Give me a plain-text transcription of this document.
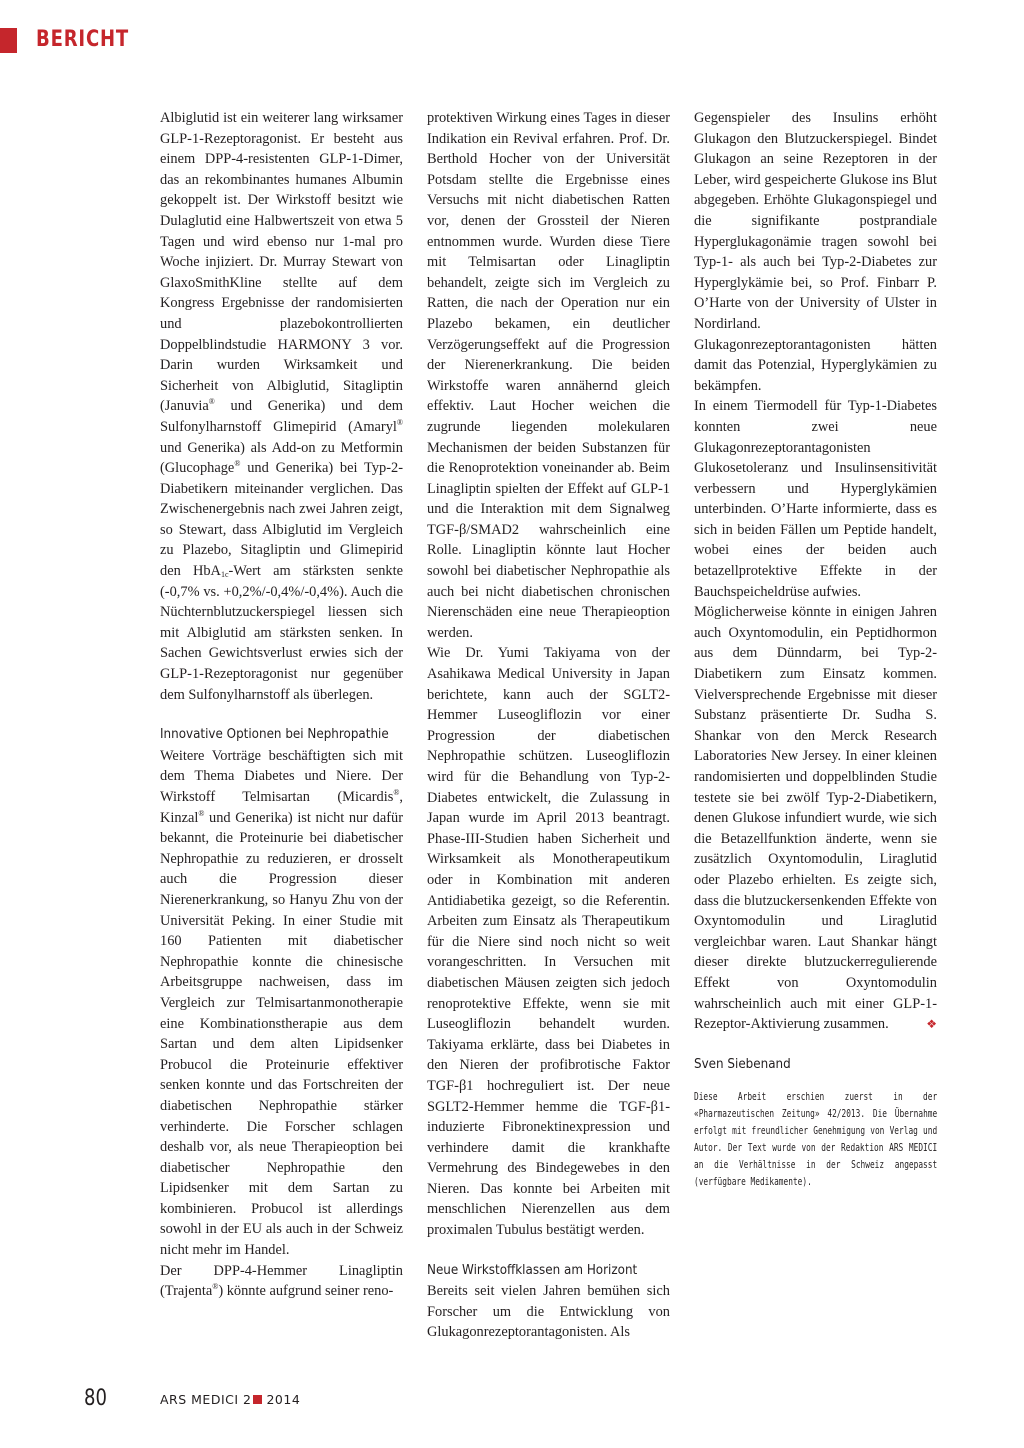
BERICHT

Albiglutid ist ein weiterer lang wirksamer GLP-1-Rezeptoragonist. Er besteht aus einem DPP-4-resistenten GLP-1-Dimer, das an rekombinantes humanes Albumin gekoppelt ist. Der Wirkstoff besitzt wie Dulaglutid eine Halbwertszeit von etwa 5 Tagen und wird ebenso nur 1-mal pro Woche injiziert. Dr. Murray Stewart von GlaxoSmithKline stellte auf dem Kongress Ergebnisse der randomisierten und plazebokontrollierten Doppelblindstudie HARMONY 3 vor. Darin wurden Wirksamkeit und Sicherheit von Albiglutid, Sitagliptin (Januvia® und Generika) und dem Sulfonylharnstoff Glimepirid (Amaryl® und Generika) als Add-on zu Metformin (Glucophage® und Generika) bei Typ-2-Diabetikern miteinander verglichen. Das Zwischenergebnis nach zwei Jahren zeigt, so Stewart, dass Albiglutid im Vergleich zu Plazebo, Sitagliptin und Glimepirid den HbA$_{1c}$-Wert am stärksten senkte (-0,7% vs. +0,2%/-0,4%/-0,4%). Auch die Nüchternblutzuckerspiegel liessen sich mit Albiglutid am stärksten senken. In Sachen Gewichtsverlust erwies sich der GLP-1-Rezeptoragonist nur gegenüber dem Sulfonylharnstoff als überlegen.

Innovative Optionen bei Nephropathie

Weitere Vorträge beschäftigten sich mit dem Thema Diabetes und Niere. Der Wirkstoff Telmisartan (Micardis®, Kinzal® und Generika) ist nicht nur dafür bekannt, die Proteinurie bei diabetischer Nephropathie zu reduzieren, er drosselt auch die Progression dieser Nierenerkrankung, so Hanyu Zhu von der Universität Peking. In einer Studie mit 160 Patienten mit diabetischer Nephropathie konnte die chinesische Arbeitsgruppe nachweisen, dass im Vergleich zur Telmisartanmonotherapie eine Kombinationstherapie aus dem Sartan und dem alten Lipidsenker Probucol die Proteinurie effektiver senken konnte und das Fortschreiten der diabetischen Nephropathie stärker verhinderte. Die Forscher schlagen deshalb vor, als neue Therapieoption bei diabetischer Nephropathie den Lipidsenker mit dem Sartan zu kombinieren. Probucol ist allerdings sowohl in der EU als auch in der Schweiz nicht mehr im Handel.

Der DPP-4-Hemmer Linagliptin (Trajenta®) könnte aufgrund seiner reno-

protektiven Wirkung eines Tages in dieser Indikation ein Revival erfahren. Prof. Dr. Berthold Hocher von der Universität Potsdam stellte die Ergebnisse eines Versuchs mit nicht diabetischen Ratten vor, denen der Grossteil der Nieren entnommen wurde. Wurden diese Tiere mit Telmisartan oder Linagliptin behandelt, zeigte sich im Vergleich zu Ratten, die nach der Operation nur ein Plazebo bekamen, ein deutlicher Verzögerungseffekt auf die Progression der Nierenerkrankung. Die beiden Wirkstoffe waren annähernd gleich effektiv. Laut Hocher weichen die zugrunde liegenden molekularen Mechanismen der beiden Substanzen für die Renoprotektion voneinander ab. Beim Linagliptin spielten der Effekt auf GLP-1 und die Interaktion mit dem Signalweg TGF-β/SMAD2 wahrscheinlich eine Rolle. Linagliptin könnte laut Hocher sowohl bei diabetischer Nephropathie als auch bei nicht diabetischen chronischen Nierenschäden eine neue Therapieoption werden.

Wie Dr. Yumi Takiyama von der Asahikawa Medical University in Japan berichtete, kann auch der SGLT2-Hemmer Luseogliflozin vor einer Progression der diabetischen Nephropathie schützen. Luseogliflozin wird für die Behandlung von Typ-2-Diabetes entwickelt, die Zulassung in Japan wurde im April 2013 beantragt. Phase-III-Studien haben Sicherheit und Wirksamkeit als Monotherapeutikum oder in Kombination mit anderen Antidiabetika gezeigt, so die Referentin. Arbeiten zum Einsatz als Therapeutikum für die Niere sind noch nicht so weit vorangeschritten. In Versuchen mit diabetischen Mäusen zeigten sich jedoch renoprotektive Effekte, wenn sie mit Luseogliflozin behandelt wurden. Takiyama erklärte, dass bei Diabetes in den Nieren der profibrotische Faktor TGF-β1 hochreguliert ist. Der neue SGLT2-Hemmer hemme die TGF-β1-induzierte Fibronektinexpression und verhindere damit die krankhafte Vermehrung des Bindegewebes in den Nieren. Das konnte bei Arbeiten mit menschlichen Nierenzellen aus dem proximalen Tubulus bestätigt werden.

Neue Wirkstoffklassen am Horizont

Bereits seit vielen Jahren bemühen sich Forscher um die Entwicklung von Glukagonrezeptorantagonisten. Als

Gegenspieler des Insulins erhöht Glukagon den Blutzuckerspiegel. Bindet Glukagon an seine Rezeptoren in der Leber, wird gespeicherte Glukose ins Blut abgegeben. Erhöhte Glukagonspiegel und die signifikante postprandiale Hyperglukagonämie tragen sowohl bei Typ-1- als auch bei Typ-2-Diabetes zur Hyperglykämie bei, so Prof. Finbarr P. O’Harte von der University of Ulster in Nordirland. Glukagonrezeptorantagonisten hätten damit das Potenzial, Hyperglykämien zu bekämpfen.

In einem Tiermodell für Typ-1-Diabetes konnten zwei neue Glukagonrezeptorantagonisten Glukosetoleranz und Insulinsensitivität verbessern und Hyperglykämien unterbinden. O’Harte informierte, dass es sich in beiden Fällen um Peptide handelt, wobei eines der beiden auch betazellprotektive Effekte in der Bauchspeicheldrüse aufwies.

Möglicherweise könnte in einigen Jahren auch Oxyntomodulin, ein Peptidhormon aus dem Dünndarm, bei Typ-2-Diabetikern zum Einsatz kommen. Vielversprechende Ergebnisse mit dieser Substanz präsentierte Dr. Sudha S. Shankar von den Merck Research Laboratories New Jersey. In einer kleinen randomisierten und doppelblinden Studie testete sie bei zwölf Typ-2-Diabetikern, denen Glukose infundiert wurde, wie sich die Betazellfunktion änderte, wenn sie zusätzlich Oxyntomodulin, Liraglutid oder Plazebo erhielten. Es zeigte sich, dass die blutzuckersenkenden Effekte von Oxyntomodulin und Liraglutid vergleichbar waren. Laut Shankar hängt dieser direkte blutzuckerregulierende Effekt von Oxyntomodulin wahrscheinlich auch mit einer GLP-1-Rezeptor-Aktivierung zusammen.	❖

Sven Siebenand
Diese Arbeit erschien zuerst in der «Pharmazeutischen Zeitung» 42/2013. Die Übernahme erfolgt mit freundlicher Genehmigung von Verlag und Autor. Der Text wurde von der Redaktion ARS MEDICI an die Verhältnisse in der Schweiz angepasst (verfügbare Medikamente).
80	ARS MEDICI 2 2014
